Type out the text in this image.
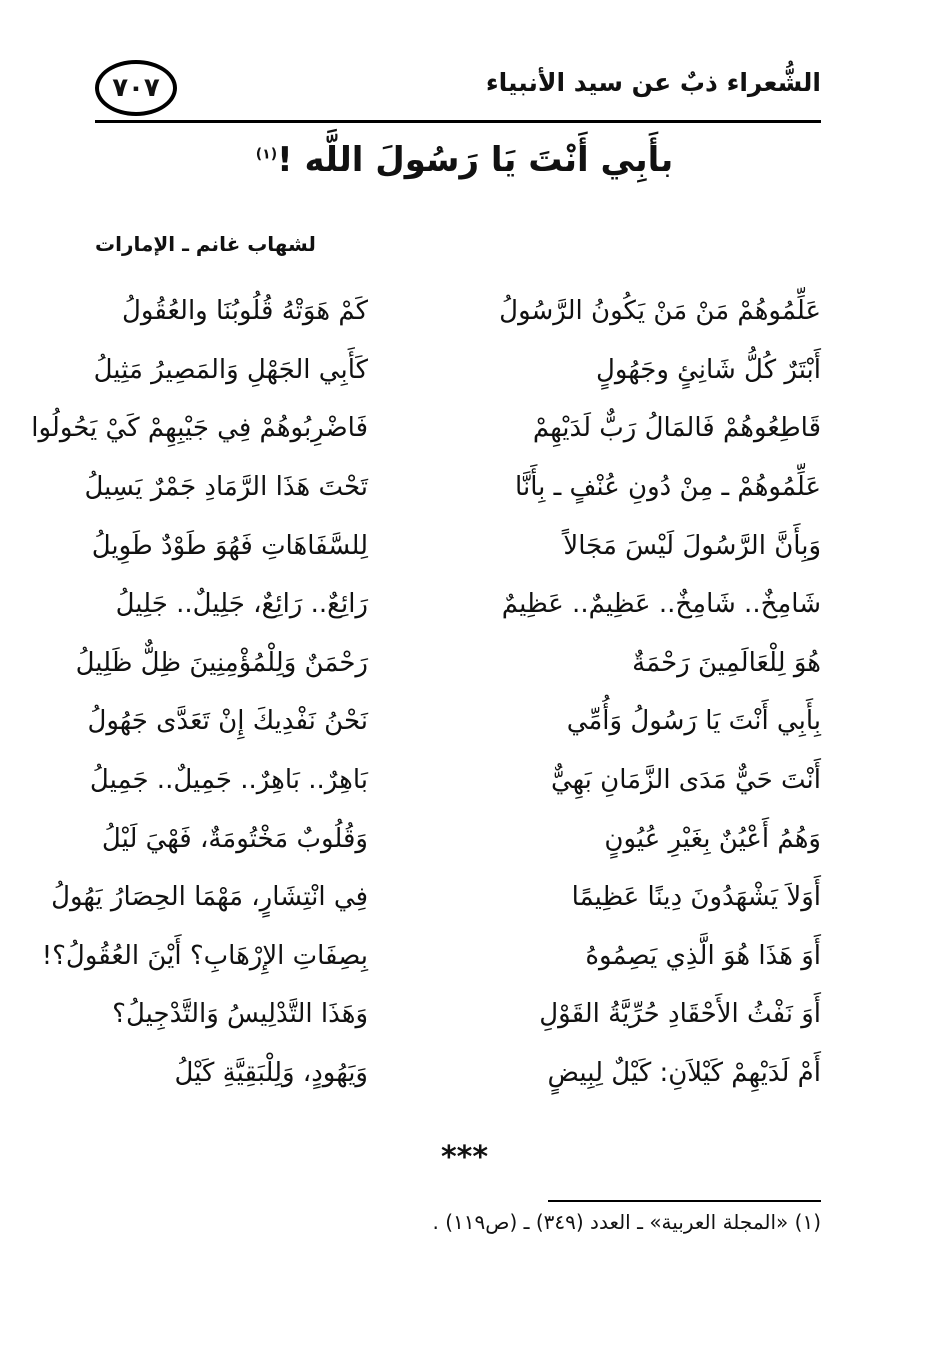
الشُّعراء ذبٌ عن سيد الأنبياء
٧٠٧
بأَبِي أَنْتَ يَا رَسُولَ اللَّه !$^{(١)}$
لشهاب غانم ـ الإمارات
عَلِّمُوهُمْ مَنْ مَنْ يَكُونُ الرَّسُولُ
كَمْ هَوَتْهُ قُلُوبُنَا والعُقُولُ
أَبْتَرٌ كُلُّ شَانِئٍ وجَهُولٍ
كَأَبِي الجَهْلِ وَالمَصِيرُ مَثِيلُ
قَاطِعُوهُمْ فَالمَالُ رَبٌّ لَدَيْهِمْ
فَاضْرِبُوهُمْ فِي جَيْبِهِمْ كَيْ يَحُولُوا
عَلِّمُوهُمْ ـ مِنْ دُونِ عُنْفٍ ـ بِأَنَّا
تَحْتَ هَذَا الرَّمَادِ جَمْرٌ يَسِيلُ
وَبِأَنَّ الرَّسُولَ لَيْسَ مَجَالاً
لِلسَّفَاهَاتِ فَهُوَ طَوْدٌ طَوِيلُ
شَامِخٌ.. شَامِخٌ.. عَظِيمٌ.. عَظِيمٌ
رَائِعٌ.. رَائِعٌ، جَلِيلٌ.. جَلِيلُ
هُوَ لِلْعَالَمِينَ رَحْمَةٌ
رَحْمَنٌ وَلِلْمُؤْمِنِينَ ظِلٌّ ظَلِيلُ
بِأَبِي أَنْتَ يَا رَسُولُ وَأُمِّي
نَحْنُ نَفْدِيكَ إِنْ تَعَدَّى جَهُولُ
أَنْتَ حَيٌّ مَدَى الزَّمَانِ بَهِيٌّ
بَاهِرٌ.. بَاهِرٌ.. جَمِيلٌ.. جَمِيلُ
وَهُمُ أَعْيُنٌ بِغَيْرِ عُيُونٍ
وَقُلُوبٌ مَخْتُومَةٌ، فَهْيَ لَيْلُ
أَوَلاَ يَشْهَدُونَ دِينًا عَظِيمًا
فِي انْتِشَارٍ، مَهْمَا الحِصَارُ يَهُولُ
أَوَ هَذَا هُوَ الَّذِي يَصِمُوهُ
بِصِفَاتِ الإِرْهَابِ؟ أَيْنَ العُقُولُ؟!
أَوَ نَفْثُ الأَحْقَادِ حُرِّيَّةُ القَوْلِ
وَهَذَا التَّدْلِيسُ وَالتَّدْجِيلُ؟
أَمْ لَدَيْهِمْ كَيْلاَنِ: كَيْلٌ لِبِيضٍ
وَيَهُودٍ، وَلِلْبَقِيَّةِ كَيْلُ
***
(١) «المجلة العربية» ـ العدد (٣٤٩) ـ (ص١١٩) .
